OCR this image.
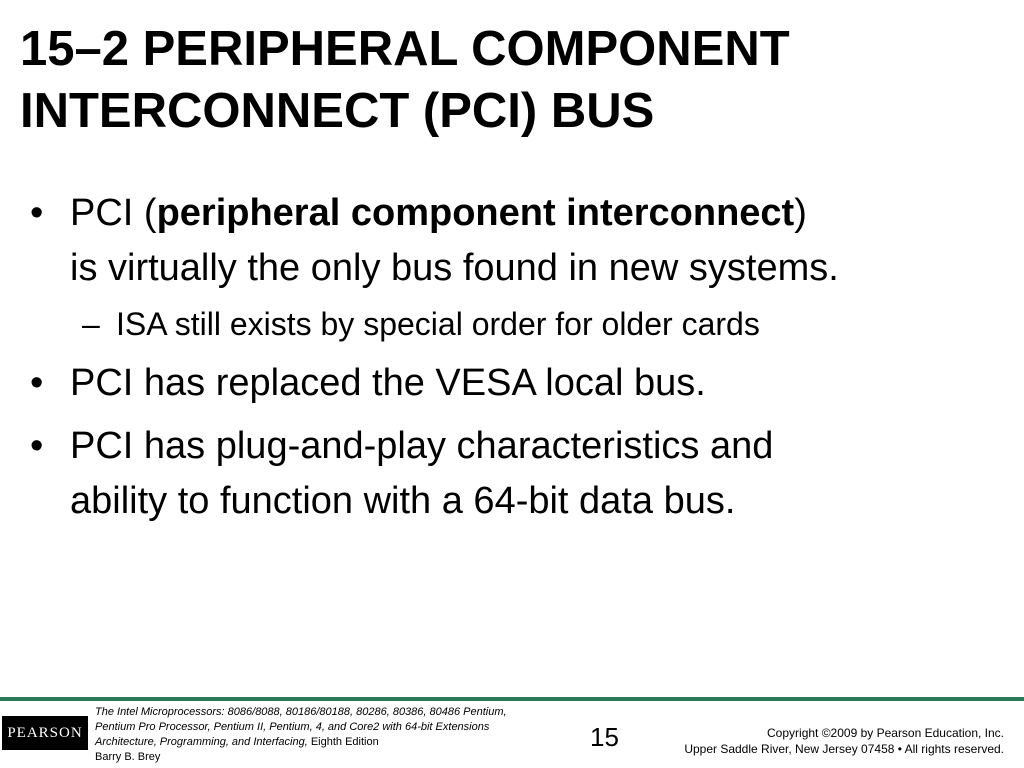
15–2 PERIPHERAL COMPONENT
INTERCONNECT (PCI) BUS
• PCI (peripheral component interconnect)
is virtually the only bus found in new systems.
– ISA still exists by special order for older cards
• PCI has replaced the VESA local bus.
• PCI has plug-and-play characteristics and
ability to function with a 64-bit data bus.
PEARSON
The Intel Microprocessors: 8086/8088, 80186/80188, 80286, 80386, 80486 Pentium,
Pentium Pro Processor, Pentium II, Pentium, 4, and Core2 with 64-bit Extensions
Architecture, Programming, and Interfacing, Eighth Edition
Barry B. Brey
15	Copyright ©2009 by Pearson Education, Inc.
Upper Saddle River, New Jersey 07458 • All rights reserved.
